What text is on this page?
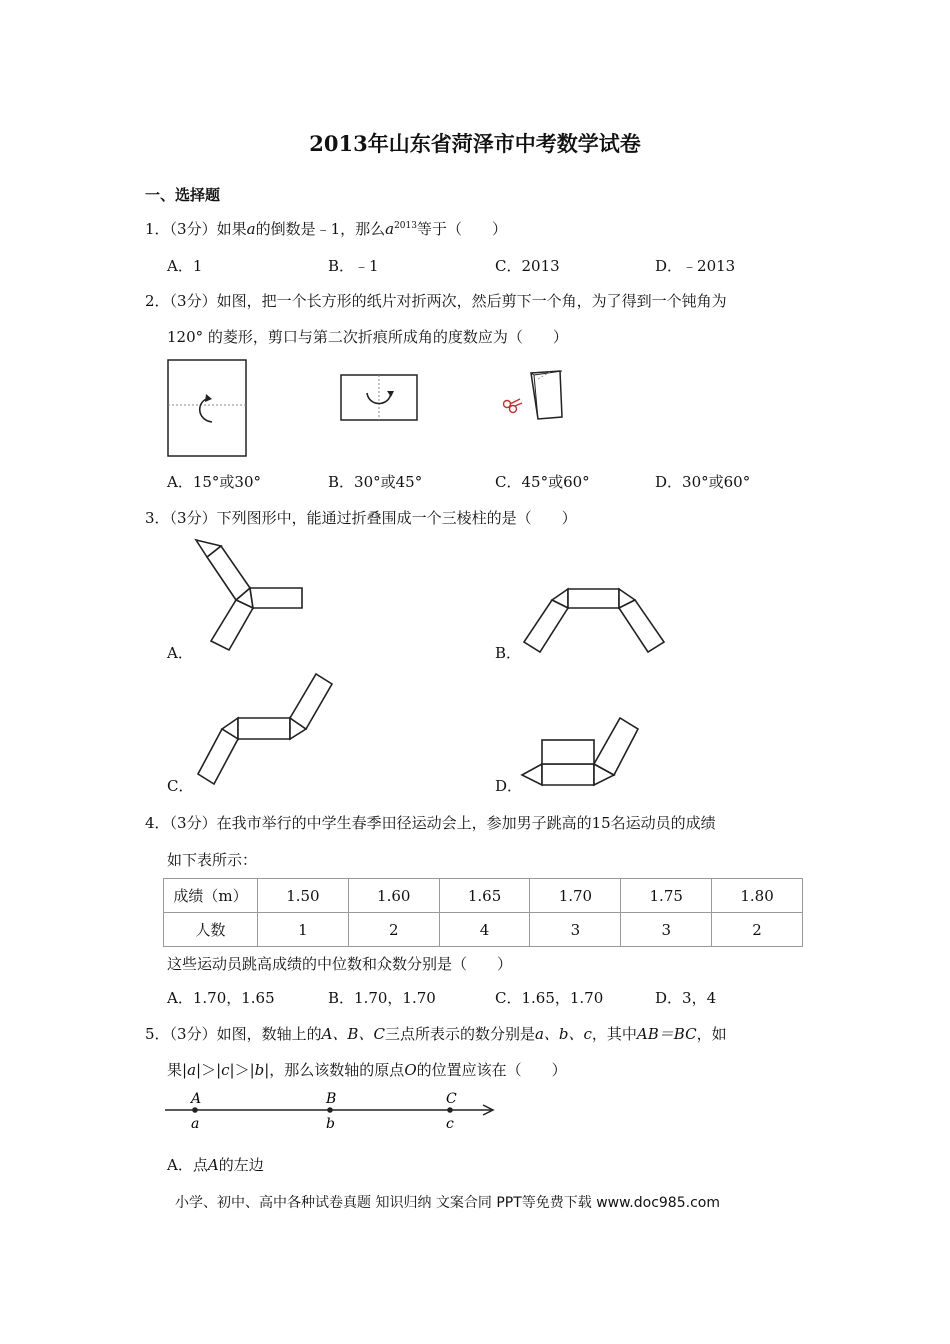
2013年山东省菏泽市中考数学试卷
一、选择题
1．（3分）如果a的倒数是﹣1，那么$a^{2013}$等于（　　）
A．1	B．﹣1	C．2013	D．﹣2013
2．（3分）如图，把一个长方形的纸片对折两次，然后剪下一个角，为了得到一个钝角为
120° 的菱形，剪口与第二次折痕所成角的度数应为（　　）
A．15°或30°	B．30°或45°	C．45°或60°	D．30°或60°
3．（3分）下列图形中，能通过折叠围成一个三棱柱的是（　　）
A．	B．
C．	D．
4．（3分）在我市举行的中学生春季田径运动会上，参加男子跳高的15名运动员的成绩
如下表所示：
成绩（m）	1.50	1.60	1.65	1.70	1.75	1.80
人数	1	2	4	3	3	2
这些运动员跳高成绩的中位数和众数分别是（　　）
A．1.70，1.65	B．1.70，1.70	C．1.65，1.70	D．3，4
5．（3分）如图，数轴上的A、B、C三点所表示的数分别是a、b、c，其中AB＝BC，如
果|a|＞|c|＞|b|，那么该数轴的原点O的位置应该在（　　）
A	B	C
a	b	c
A．点A的左边
小学、初中、高中各种试卷真题 知识归纳 文案合同 PPT等免费下载 www.doc985.com
